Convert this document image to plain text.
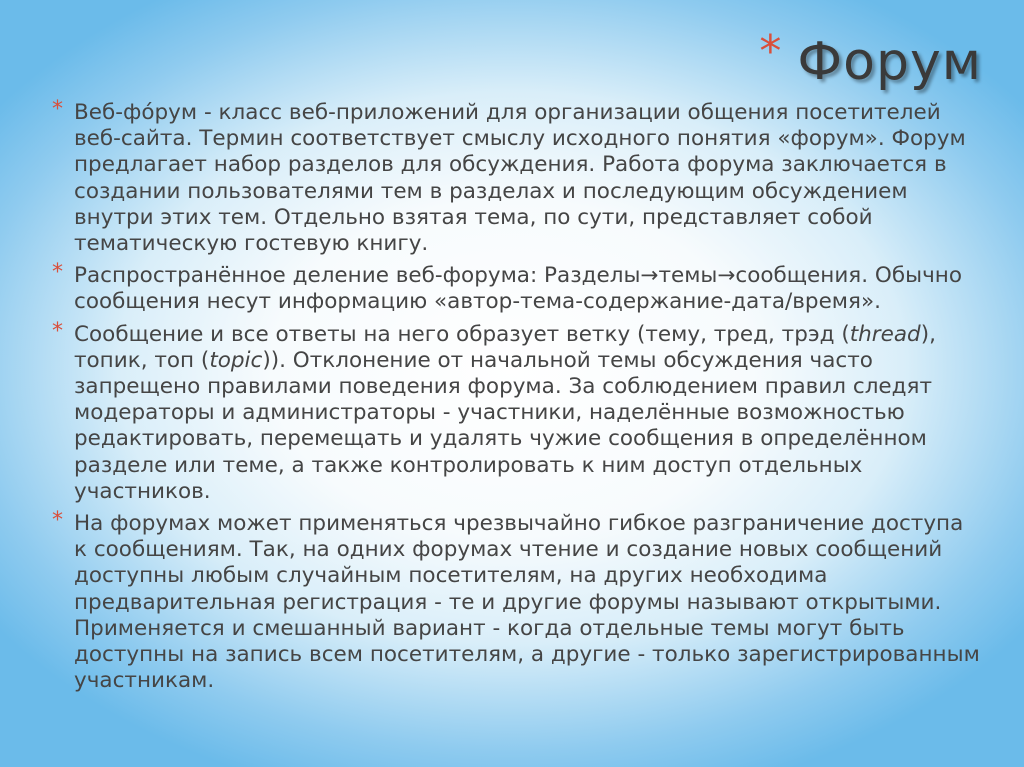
* Форум
* Веб-фо́рум - класс веб-приложений для организации общения посетителей веб-сайта. Термин соответствует смыслу исходного понятия «форум». Форум предлагает набор разделов для обсуждения. Работа форума заключается в создании пользователями тем в разделах и последующим обсуждением внутри этих тем. Отдельно взятая тема, по сути, представляет собой тематическую гостевую книгу.
* Распространённое деление веб-форума: Разделы→темы→сообщения. Обычно сообщения несут информацию «автор-тема-содержание-дата/время».
* Сообщение и все ответы на него образует ветку (тему, тред, трэд (thread), топик, топ (topic)). Отклонение от начальной темы обсуждения часто запрещено правилами поведения форума. За соблюдением правил следят модераторы и администраторы - участники, наделённые возможностью редактировать, перемещать и удалять чужие сообщения в определённом разделе или теме, а также контролировать к ним доступ отдельных участников.
* На форумах может применяться чрезвычайно гибкое разграничение доступа к сообщениям. Так, на одних форумах чтение и создание новых сообщений доступны любым случайным посетителям, на других необходима предварительная регистрация - те и другие форумы называют открытыми. Применяется и смешанный вариант - когда отдельные темы могут быть доступны на запись всем посетителям, а другие - только зарегистрированным участникам.
